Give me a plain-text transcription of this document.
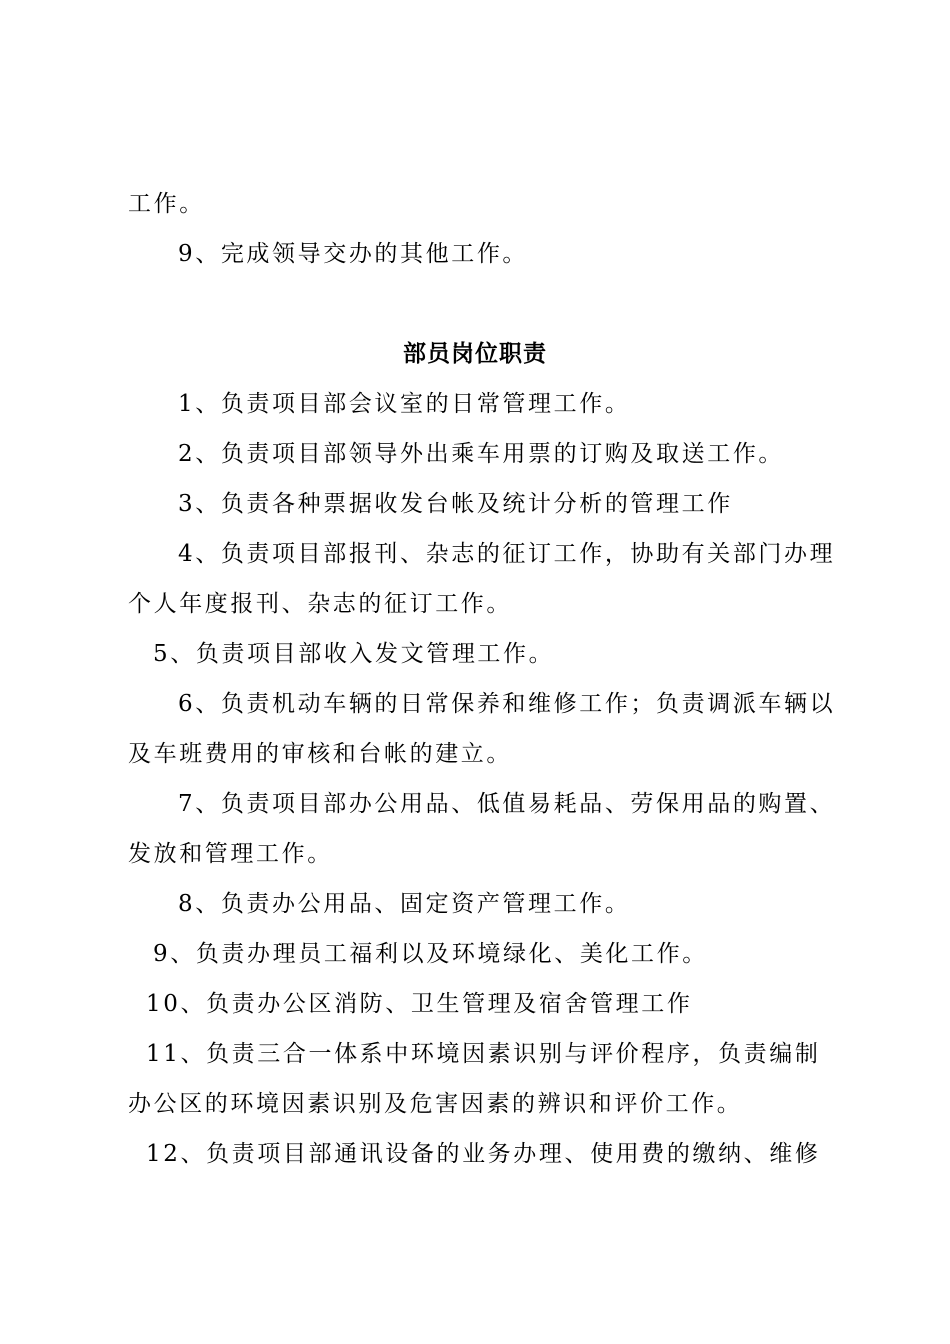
工作。
9、完成领导交办的其他工作。
部员岗位职责
1、负责项目部会议室的日常管理工作。
2、负责项目部领导外出乘车用票的订购及取送工作。
3、负责各种票据收发台帐及统计分析的管理工作
4、负责项目部报刊、杂志的征订工作，协助有关部门办理
个人年度报刊、杂志的征订工作。
5、负责项目部收入发文管理工作。
6、负责机动车辆的日常保养和维修工作；负责调派车辆以
及车班费用的审核和台帐的建立。
7、负责项目部办公用品、低值易耗品、劳保用品的购置、
发放和管理工作。
8、负责办公用品、固定资产管理工作。
9、负责办理员工福利以及环境绿化、美化工作。
10、负责办公区消防、卫生管理及宿舍管理工作
11、负责三合一体系中环境因素识别与评价程序，负责编制
办公区的环境因素识别及危害因素的辨识和评价工作。
12、负责项目部通讯设备的业务办理、使用费的缴纳、维修
